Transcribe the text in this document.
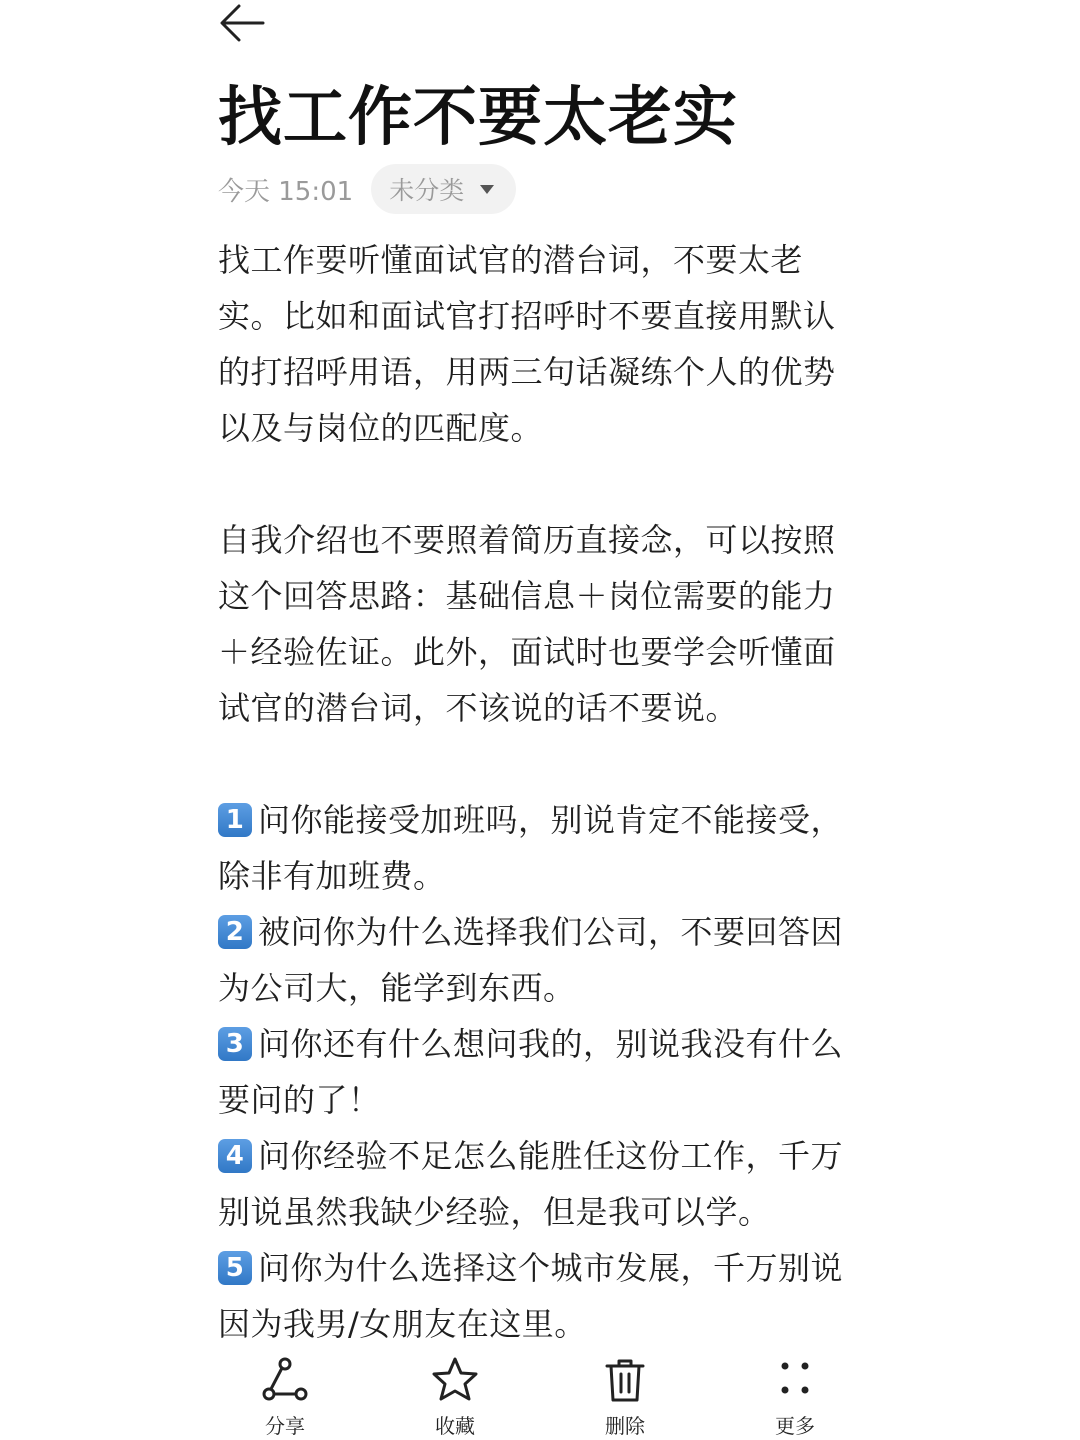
找工作不要太老实
今天 15:01 未分类

找工作要听懂面试官的潜台词，不要太老实。比如和面试官打招呼时不要直接用默认的打招呼用语，用两三句话凝练个人的优势以及与岗位的匹配度。

自我介绍也不要照着简历直接念，可以按照这个回答思路：基础信息＋岗位需要的能力＋经验佐证。此外，面试时也要学会听懂面试官的潜台词，不该说的话不要说。

1 问你能接受加班吗，别说肯定不能接受，除非有加班费。

2 被问你为什么选择我们公司，不要回答因为公司大，能学到东西。

3 问你还有什么想问我的，别说我没有什么要问的了！

4 问你经验不足怎么能胜任这份工作，千万别说虽然我缺少经验，但是我可以学。

5 问你为什么选择这个城市发展，千万别说因为我男/女朋友在这里。

分享	收藏	删除	更多
